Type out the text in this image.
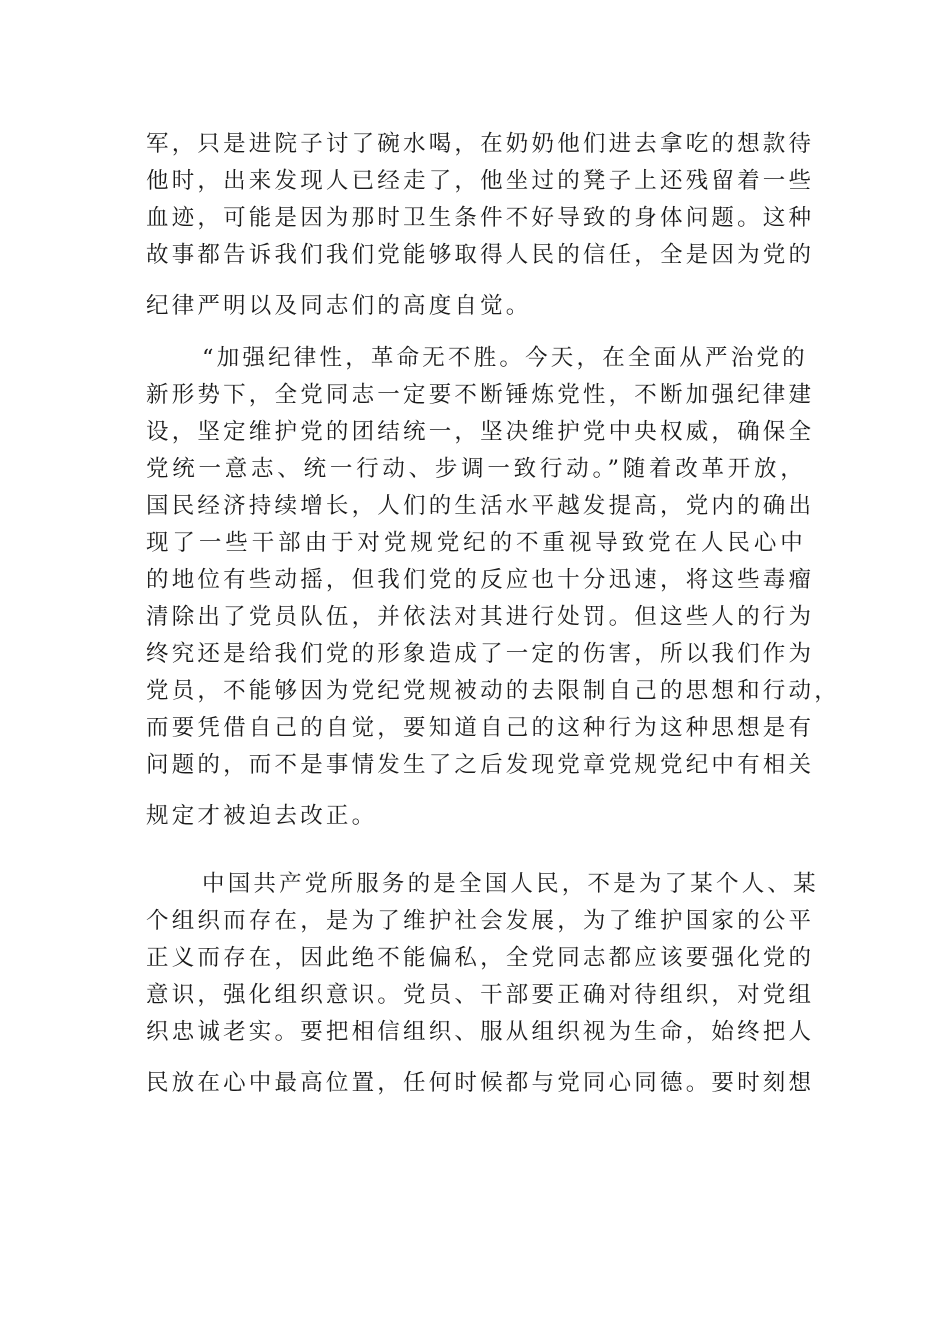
军，只是进院子讨了碗水喝，在奶奶他们进去拿吃的想款待
他时，出来发现人已经走了，他坐过的凳子上还残留着一些
血迹，可能是因为那时卫生条件不好导致的身体问题。这种
故事都告诉我们我们党能够取得人民的信任，全是因为党的
纪律严明以及同志们的高度自觉。
“加强纪律性，革命无不胜。今天，在全面从严治党的
新形势下，全党同志一定要不断锤炼党性，不断加强纪律建
设，坚定维护党的团结统一，坚决维护党中央权威，确保全
党统一意志、统一行动、步调一致行动。”随着改革开放，
国民经济持续增长，人们的生活水平越发提高，党内的确出
现了一些干部由于对党规党纪的不重视导致党在人民心中
的地位有些动摇，但我们党的反应也十分迅速，将这些毒瘤
清除出了党员队伍，并依法对其进行处罚。但这些人的行为
终究还是给我们党的形象造成了一定的伤害，所以我们作为
党员，不能够因为党纪党规被动的去限制自己的思想和行动，
而要凭借自己的自觉，要知道自己的这种行为这种思想是有
问题的，而不是事情发生了之后发现党章党规党纪中有相关
规定才被迫去改正。
中国共产党所服务的是全国人民，不是为了某个人、某
个组织而存在，是为了维护社会发展，为了维护国家的公平
正义而存在，因此绝不能偏私，全党同志都应该要强化党的
意识，强化组织意识。党员、干部要正确对待组织，对党组
织忠诚老实。要把相信组织、服从组织视为生命，始终把人
民放在心中最高位置，任何时候都与党同心同德。要时刻想
